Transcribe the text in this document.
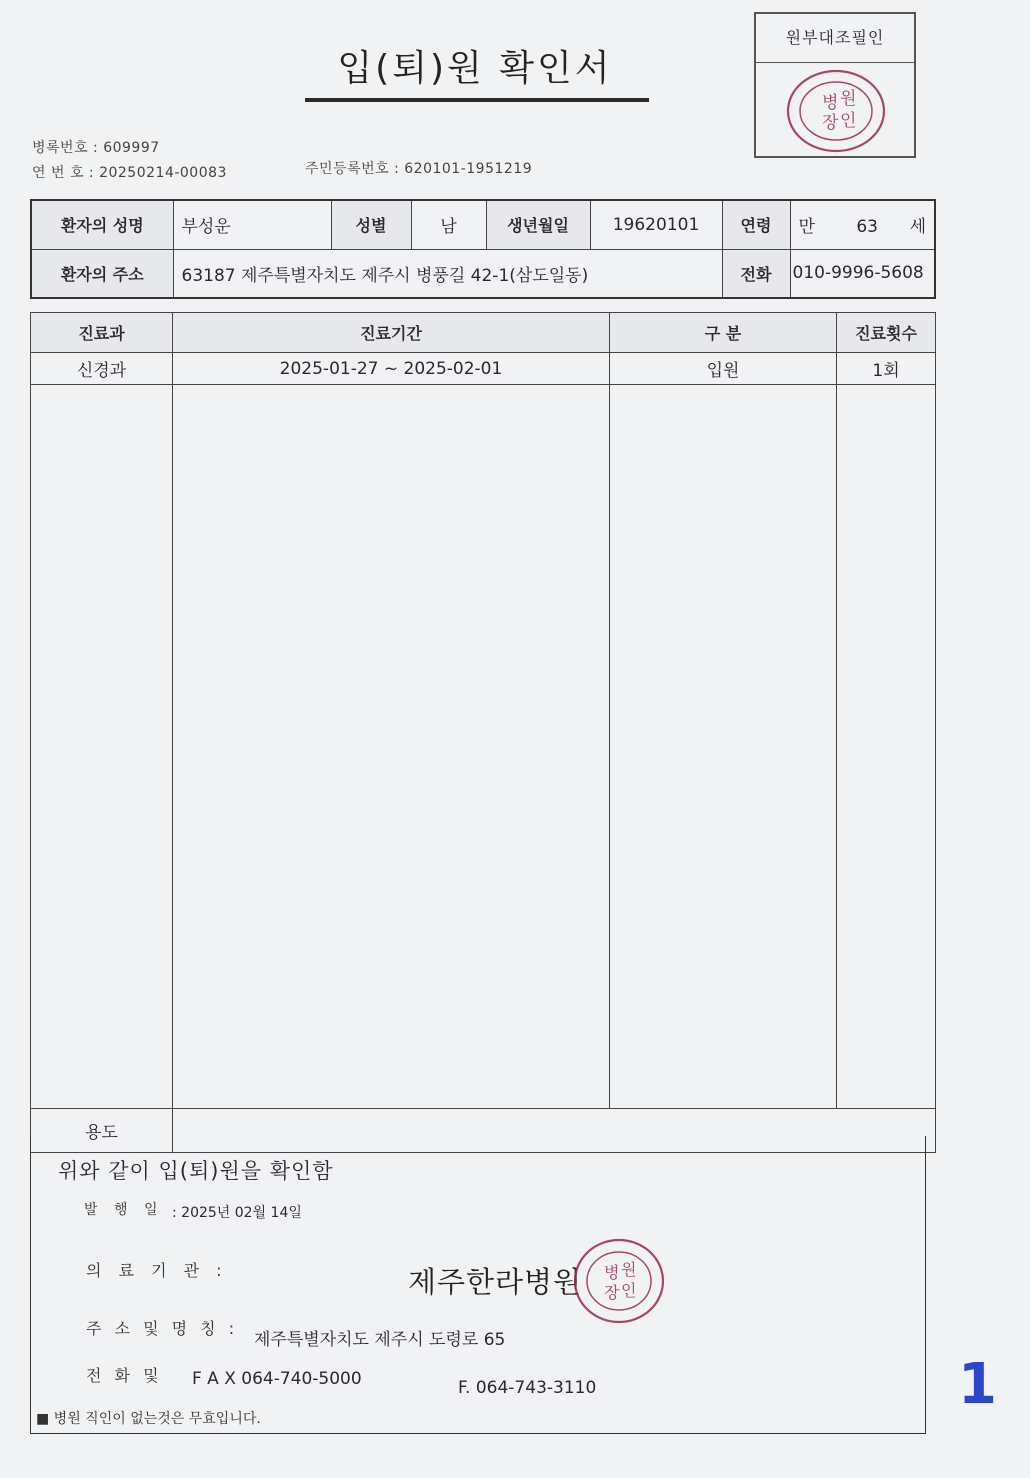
입(퇴)원 확인서
원부대조필인
병 원
장 인
병록번호 : 609997
연 번 호 : 20250214-00083	주민등록번호 : 620101-1951219
환자의 성명	부성운	성별	남	생년월일	19620101	연령	만 63 세

환자의 주소	63187 제주특별자치도 제주시 병풍길 42-1(삼도일동)					전화	010-9996-5608
진료과	진료기간	구 분	진료횟수
신경과	2025-01-27 ~ 2025-02-01	입원	1회

용도			
위와 같이 입(퇴)원을 확인함
발 행 일 : 2025년 02월 14일
의 료 기 관 :	제주한라병원 병 원
장 인
주 소 및 명 칭 :
제주특별자치도 제주시 도령로 65
전 화 및 F A X 064-740-5000	F. 064-743-3110
■ 병원 직인이 없는것은 무효입니다.
1
